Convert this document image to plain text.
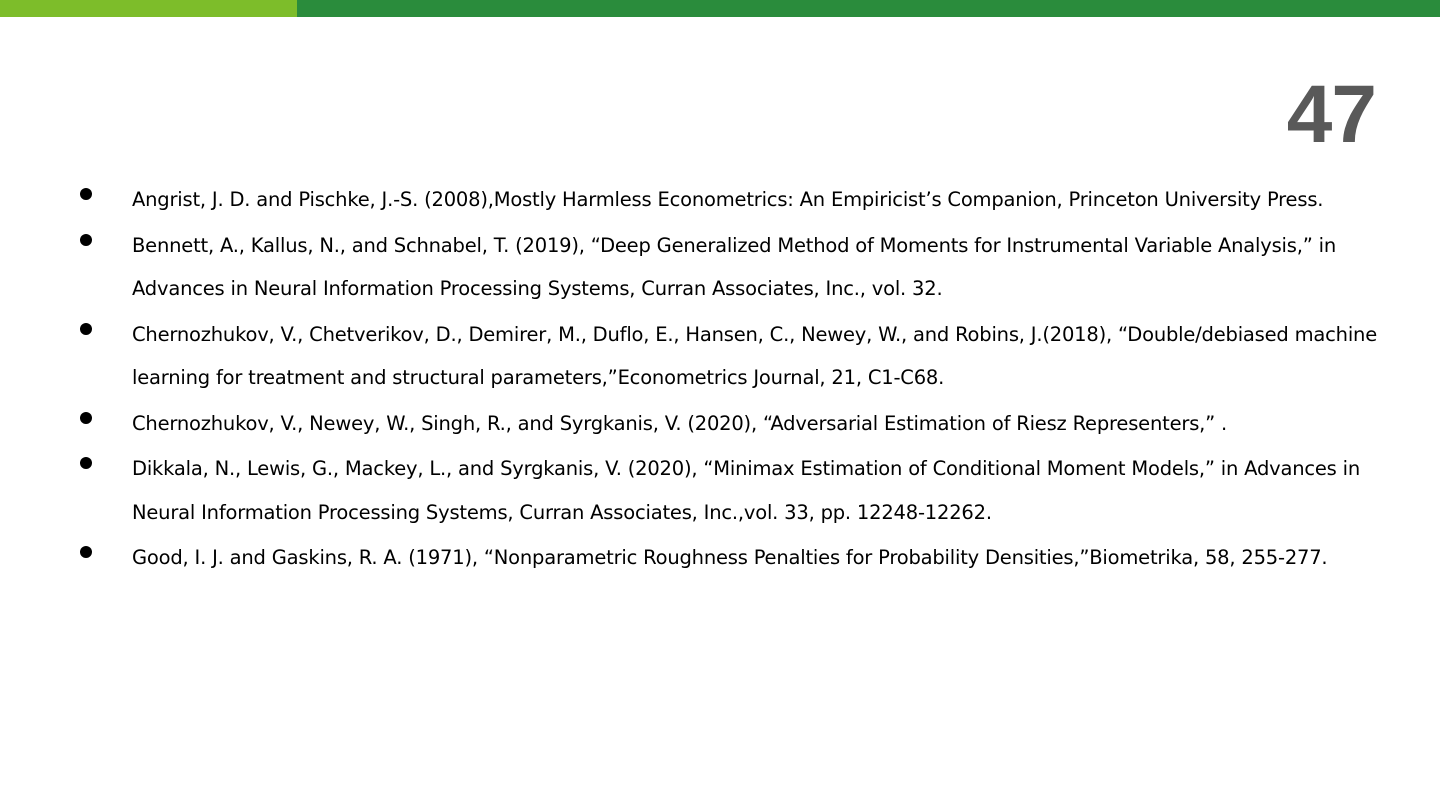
47
Angrist, J. D. and Pischke, J.-S. (2008),Mostly Harmless Econometrics: An Empiricist’s Companion, Princeton University Press.
Bennett, A., Kallus, N., and Schnabel, T. (2019), “Deep Generalized Method of Moments for Instrumental Variable Analysis,” in Advances in Neural Information Processing Systems, Curran Associates, Inc., vol. 32.
Chernozhukov, V., Chetverikov, D., Demirer, M., Duflo, E., Hansen, C., Newey, W., and Robins, J.(2018), “Double/debiased machine learning for treatment and structural parameters,”Econometrics Journal, 21, C1-C68.
Chernozhukov, V., Newey, W., Singh, R., and Syrgkanis, V. (2020), “Adversarial Estimation of Riesz Representers,” .
Dikkala, N., Lewis, G., Mackey, L., and Syrgkanis, V. (2020), “Minimax Estimation of Conditional Moment Models,” in Advances in Neural Information Processing Systems, Curran Associates, Inc.,vol. 33, pp. 12248-12262.
Good, I. J. and Gaskins, R. A. (1971), “Nonparametric Roughness Penalties for Probability Densities,”Biometrika, 58, 255-277.
